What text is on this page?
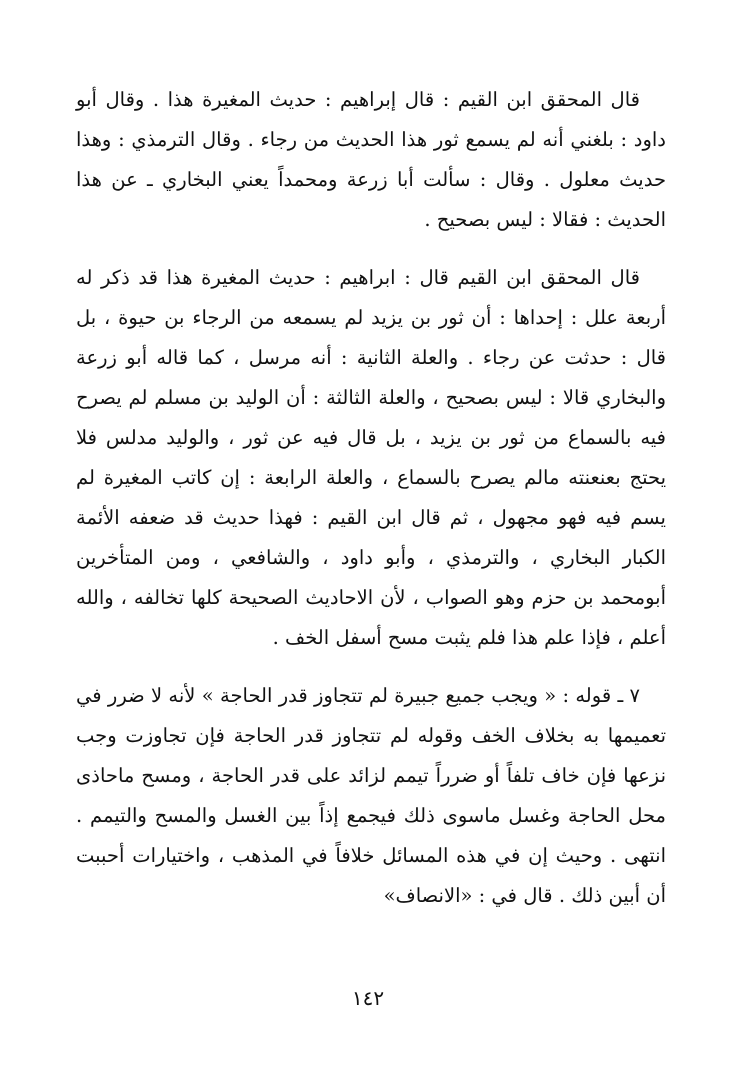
قال المحقق ابن القيم : قال إبراهيم : حديث المغيرة هذا . وقال أبو داود : بلغني أنه لم يسمع ثور هذا الحديث من رجاء . وقال الترمذي : وهذا حديث معلول . وقال : سألت أبا زرعة ومحمداً يعني البخاري ـ عن هذا الحديث : فقالا : ليس بصحيح .

قال المحقق ابن القيم قال : ابراهيم : حديث المغيرة هذا قد ذكر له أربعة علل : إحداها : أن ثور بن يزيد لم يسمعه من الرجاء بن حيوة ، بل قال : حدثت عن رجاء . والعلة الثانية : أنه مرسل ، كما قاله أبو زرعة والبخاري قالا : ليس بصحيح ، والعلة الثالثة : أن الوليد بن مسلم لم يصرح فيه بالسماع من ثور بن يزيد ، بل قال فيه عن ثور ، والوليد مدلس فلا يحتج بعنعنته مالم يصرح بالسماع ، والعلة الرابعة : إن كاتب المغيرة لم يسم فيه فهو مجهول ، ثم قال ابن القيم : فهذا حديث قد ضعفه الأئمة الكبار البخاري ، والترمذي ، وأبو داود ، والشافعي ، ومن المتأخرين أبومحمد بن حزم وهو الصواب ، لأن الاحاديث الصحيحة كلها تخالفه ، والله أعلم ، فإذا علم هذا فلم يثبت مسح أسفل الخف .

٧ ـ قوله : « ويجب جميع جبيرة لم تتجاوز قدر الحاجة » لأنه لا ضرر في تعميمها به بخلاف الخف وقوله لم تتجاوز قدر الحاجة فإن تجاوزت وجب نزعها فإن خاف تلفاً أو ضرراً تيمم لزائد على قدر الحاجة ، ومسح ماحاذى محل الحاجة وغسل ماسوى ذلك فيجمع إذاً بين الغسل والمسح والتيمم . انتهى . وحيث إن في هذه المسائل خلافاً في المذهب ، واختيارات أحببت أن أبين ذلك . قال في : «الانصاف»

١٤٢
